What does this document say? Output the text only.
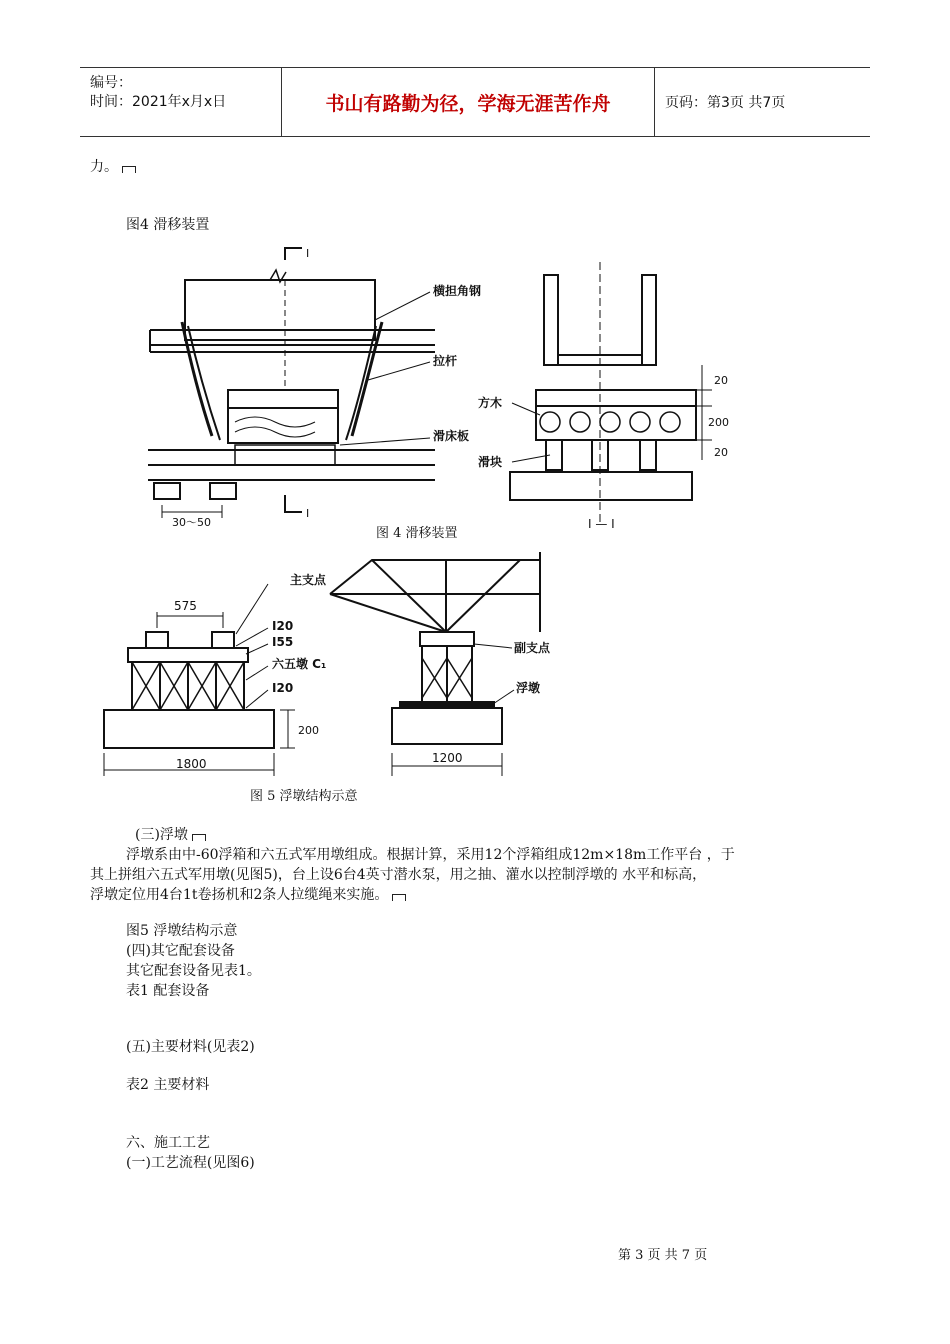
编号：
时间：2021年x月x日	书山有路勤为径，学海无涯苦作舟	页码：第3页 共7页
力。
图4 滑移装置
I
I
横担角钢
拉杆
滑床板
方木
滑块
30～50
20
200
20
图 4 滑移装置
I — I
主支点
575
I20
I55
六五墩 C₁
I20
200
1800
副支点
浮墩
1200
图 5 浮墩结构示意
(三)浮墩
浮墩系由中-60浮箱和六五式军用墩组成。根据计算，采用12个浮箱组成12m×18m工作平台 ，于
其上拼组六五式军用墩(见图5)，台上设6台4英寸潜水泵，用之抽、灌水以控制浮墩的 水平和标高，
浮墩定位用4台1t卷扬机和2条人拉缆绳来实施。
图5 浮墩结构示意
(四)其它配套设备
其它配套设备见表1。
表1 配套设备
(五)主要材料(见表2)
表2 主要材料
六、施工工艺
(一)工艺流程(见图6)
第 3 页 共 7 页
